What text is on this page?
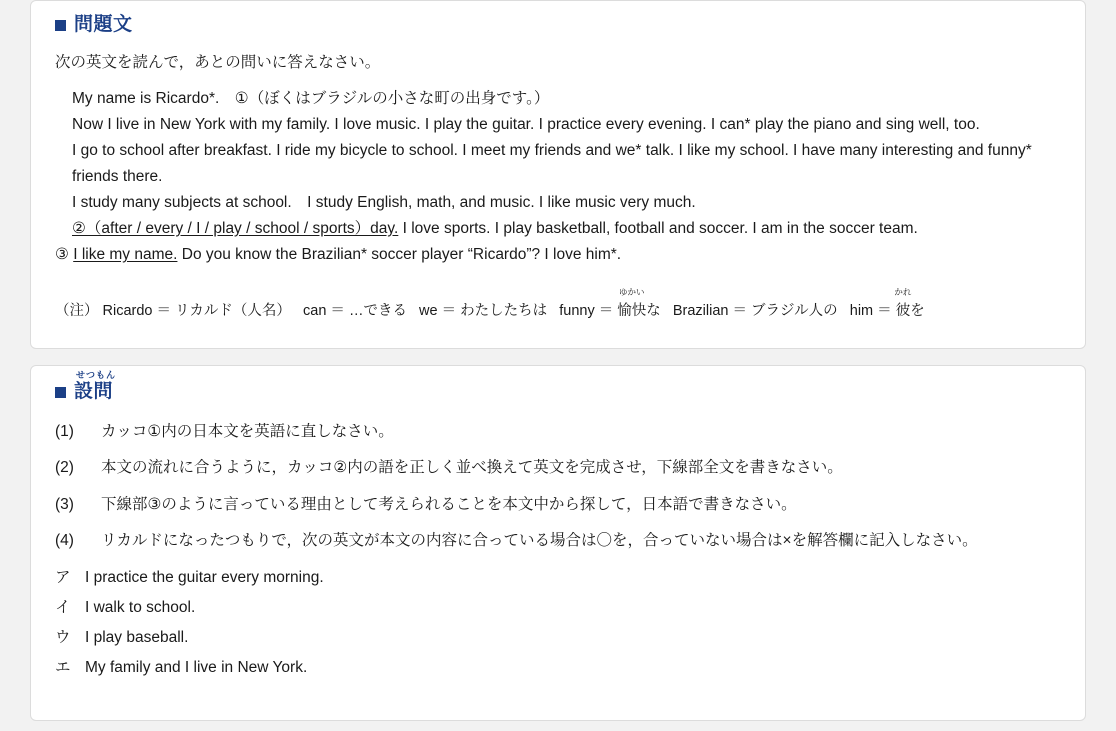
問題文

次の英文を読んで，あとの問いに答えなさい。

My name is Ricardo*.　①（ぼくはブラジルの小さな町の出身です。）

Now I live in New York with my family. I love music. I play the guitar. I practice every evening. I can* play the piano and sing well, too.

I go to school after breakfast. I ride my bicycle to school. I meet my friends and we* talk. I like my school. I have many interesting and funny* friends there.

I study many subjects at school.　I study English, math, and music. I like music very much.

②（after / every / I / play / school / sports）day. I love sports. I play basketball, football and soccer. I am in the soccer team.

③ I like my name. Do you know the Brazilian* soccer player “Ricardo”? I love him*.

（注） Ricardo ＝ リカルド（人名） can ＝ …できる we ＝ わたしたちは funny ＝
ゆかい
愉快な Brazilian ＝ ブラジル人の him ＝
かれ
彼を
せつもん
設問
(1)	カッコ①内の日本文を英語に直しなさい。
(2)	本文の流れに合うように，カッコ②内の語を正しく並べ換えて英文を完成させ，下線部全文を書きなさい。
(3)	下線部③のように言っている理由として考えられることを本文中から探して，日本語で書きなさい。
(4)	リカルドになったつもりで，次の英文が本文の内容に合っている場合は〇を，合っていない場合は×を解答欄に記入しなさい。
ア I practice the guitar every morning.
イ I walk to school.
ウ I play baseball.
エ My family and I live in New York.
